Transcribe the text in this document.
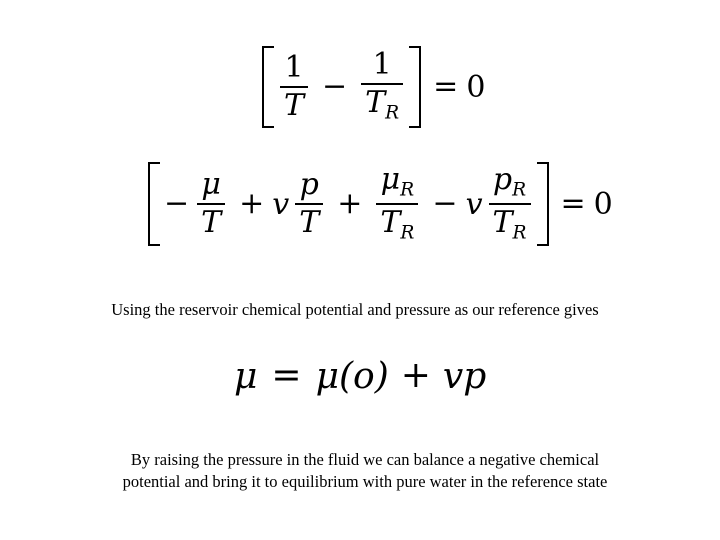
$\frac{1}{T} - \frac{1}{T_R} = 0$
− $\frac{\mu}{T} + v \frac{p}{T} + \frac{\mu_R}{T_R} - v \frac{p_R}{T_R} = 0$
Using the reservoir chemical potential and pressure as our reference gives
μ = μ (o) + vp
By raising the pressure in the fluid we can balance a negative chemical
potential and bring it to equilibrium with pure water in the reference state
